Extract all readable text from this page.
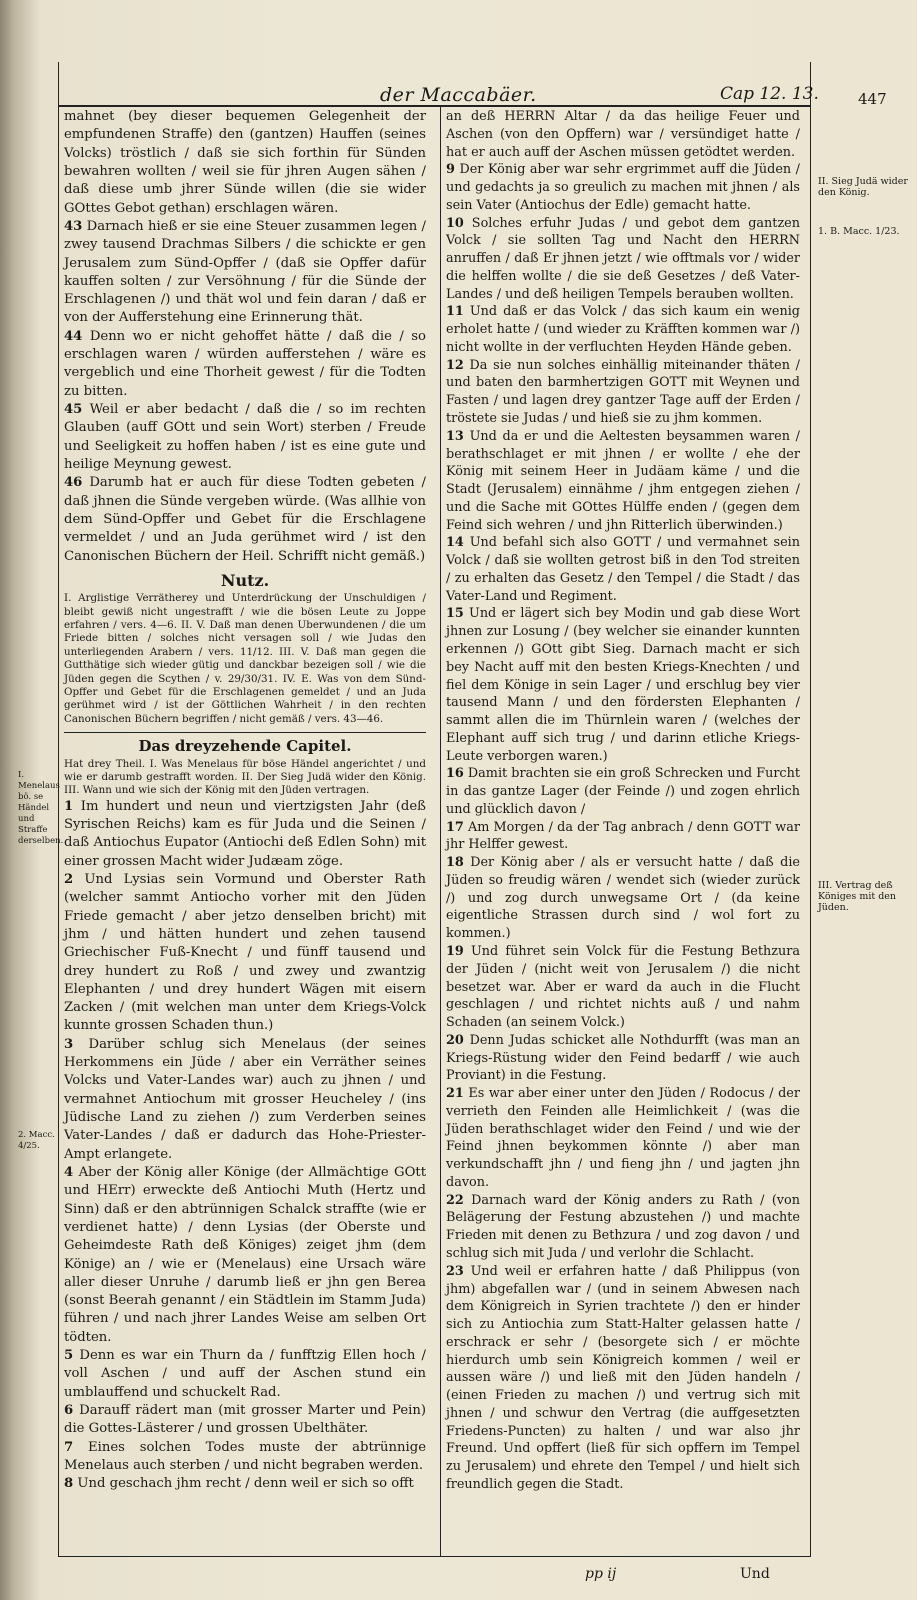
der Maccabäer.	Cap 12. 13.	447

mahnet (bey dieser bequemen Gelegenheit der empfundenen Straffe) den (gantzen) Hauffen (seines Volcks) tröstlich / daß sie sich forthin für Sünden bewahren wollten / weil sie für jhren Augen sähen / daß diese umb jhrer Sünde willen (die sie wider GOttes Gebot gethan) erschlagen wären.

43 Darnach hieß er sie eine Steuer zusammen legen / zwey tausend Drachmas Silbers / die schickte er gen Jerusalem zum Sünd-Opffer / (daß sie Opffer dafür kauffen solten / zur Versöhnung / für die Sünde der Erschlagenen /) und thät wol und fein daran / daß er von der Aufferstehung eine Erinnerung thät.

44 Denn wo er nicht gehoffet hätte / daß die / so erschlagen waren / würden aufferstehen / wäre es vergeblich und eine Thorheit gewest / für die Todten zu bitten.

45 Weil er aber bedacht / daß die / so im rechten Glauben (auff GOtt und sein Wort) sterben / Freude und Seeligkeit zu hoffen haben / ist es eine gute und heilige Meynung gewest.

46 Darumb hat er auch für diese Todten gebeten / daß jhnen die Sünde vergeben würde. (Was allhie von dem Sünd-Opffer und Gebet für die Erschlagene vermeldet / und an Juda gerühmet wird / ist den Canonischen Büchern der Heil. Schrifft nicht gemäß.)

Nutz.
I. Arglistige Verrätherey und Unterdrückung der Unschuldigen / bleibt gewiß nicht ungestrafft / wie die bösen Leute zu Joppe erfahren / vers. 4—6. II. V. Daß man denen Uberwundenen / die um Friede bitten / solches nicht versagen soll / wie Judas den unterliegenden Arabern / vers. 11/12. III. V. Daß man gegen die Gutthätige sich wieder gütig und danckbar bezeigen soll / wie die Jüden gegen die Scythen / v. 29/30/31. IV. E. Was von dem Sünd-Opffer und Gebet für die Erschlagenen gemeldet / und an Juda gerühmet wird / ist der Göttlichen Wahrheit / in den rechten Canonischen Büchern begriffen / nicht gemäß / vers. 43—46.
Das dreyzehende Capitel.
Hat drey Theil. I. Was Menelaus für böse Händel angerichtet / und wie er darumb gestrafft worden. II. Der Sieg Judä wider den König. III. Wann und wie sich der König mit den Jüden vertragen.

1 Im hundert und neun und viertzigsten Jahr (deß Syrischen Reichs) kam es für Juda und die Seinen / daß Antiochus Eupator (Antiochi deß Edlen Sohn) mit einer grossen Macht wider Judæam zöge.

2 Und Lysias sein Vormund und Oberster Rath (welcher sammt Antiocho vorher mit den Jüden Friede gemacht / aber jetzo denselben bricht) mit jhm / und hätten hundert und zehen tausend Griechischer Fuß-Knecht / und fünff tausend und drey hundert zu Roß / und zwey und zwantzig Elephanten / und drey hundert Wägen mit eisern Zacken / (mit welchen man unter dem Kriegs-Volck kunnte grossen Schaden thun.)

3 Darüber schlug sich Menelaus (der seines Herkommens ein Jüde / aber ein Verräther seines Volcks und Vater-Landes war) auch zu jhnen / und vermahnet Antiochum mit grosser Heucheley / (ins Jüdische Land zu ziehen /) zum Verderben seines Vater-Landes / daß er dadurch das Hohe-Priester-Ampt erlangete.

4 Aber der König aller Könige (der Allmächtige GOtt und HErr) erweckte deß Antiochi Muth (Hertz und Sinn) daß er den abtrünnigen Schalck straffte (wie er verdienet hatte) / denn Lysias (der Oberste und Geheimdeste Rath deß Königes) zeiget jhm (dem Könige) an / wie er (Menelaus) eine Ursach wäre aller dieser Unruhe / darumb ließ er jhn gen Berea (sonst Beerah genannt / ein Städtlein im Stamm Juda) führen / und nach jhrer Landes Weise am selben Ort tödten.

5 Denn es war ein Thurn da / funfftzig Ellen hoch / voll Aschen / und auff der Aschen stund ein umblauffend und schuckelt Rad.

6 Darauff rädert man (mit grosser Marter und Pein) die Gottes-Lästerer / und grossen Ubelthäter.

7 Eines solchen Todes muste der abtrünnige Menelaus auch sterben / und nicht begraben werden.

8 Und geschach jhm recht / denn weil er sich so offt

an deß HERRN Altar / da das heilige Feuer und Aschen (von den Opffern) war / versündiget hatte / hat er auch auff der Aschen müssen getödtet werden.

9 Der König aber war sehr ergrimmet auff die Jüden / und gedachts ja so greulich zu machen mit jhnen / als sein Vater (Antiochus der Edle) gemacht hatte.

10 Solches erfuhr Judas / und gebot dem gantzen Volck / sie sollten Tag und Nacht den HERRN anruffen / daß Er jhnen jetzt / wie offtmals vor / wider die helffen wollte / die sie deß Gesetzes / deß Vater-Landes / und deß heiligen Tempels berauben wollten.

11 Und daß er das Volck / das sich kaum ein wenig erholet hatte / (und wieder zu Kräfften kommen war /) nicht wollte in der verfluchten Heyden Hände geben.

12 Da sie nun solches einhällig miteinander thäten / und baten den barmhertzigen GOTT mit Weynen und Fasten / und lagen drey gantzer Tage auff der Erden / tröstete sie Judas / und hieß sie zu jhm kommen.

13 Und da er und die Aeltesten beysammen waren / berathschlaget er mit jhnen / er wollte / ehe der König mit seinem Heer in Judäam käme / und die Stadt (Jerusalem) einnähme / jhm entgegen ziehen / und die Sache mit GOttes Hülffe enden / (gegen dem Feind sich wehren / und jhn Ritterlich überwinden.)

14 Und befahl sich also GOTT / und vermahnet sein Volck / daß sie wollten getrost biß in den Tod streiten / zu erhalten das Gesetz / den Tempel / die Stadt / das Vater-Land und Regiment.

15 Und er lägert sich bey Modin und gab diese Wort jhnen zur Losung / (bey welcher sie einander kunnten erkennen /) GOtt gibt Sieg. Darnach macht er sich bey Nacht auff mit den besten Kriegs-Knechten / und fiel dem Könige in sein Lager / und erschlug bey vier tausend Mann / und den fördersten Elephanten / sammt allen die im Thürnlein waren / (welches der Elephant auff sich trug / und darinn etliche Kriegs-Leute verborgen waren.)

16 Damit brachten sie ein groß Schrecken und Furcht in das gantze Lager (der Feinde /) und zogen ehrlich und glücklich davon /

17 Am Morgen / da der Tag anbrach / denn GOTT war jhr Helffer gewest.

18 Der König aber / als er versucht hatte / daß die Jüden so freudig wären / wendet sich (wieder zurück /) und zog durch unwegsame Ort / (da keine eigentliche Strassen durch sind / wol fort zu kommen.)

19 Und führet sein Volck für die Festung Bethzura der Jüden / (nicht weit von Jerusalem /) die nicht besetzet war. Aber er ward da auch in die Flucht geschlagen / und richtet nichts auß / und nahm Schaden (an seinem Volck.)

20 Denn Judas schicket alle Nothdurfft (was man an Kriegs-Rüstung wider den Feind bedarff / wie auch Proviant) in die Festung.

21 Es war aber einer unter den Jüden / Rodocus / der verrieth den Feinden alle Heimlichkeit / (was die Jüden berathschlaget wider den Feind / und wie der Feind jhnen beykommen könnte /) aber man verkundschafft jhn / und fieng jhn / und jagten jhn davon.

22 Darnach ward der König anders zu Rath / (von Belägerung der Festung abzustehen /) und machte Frieden mit denen zu Bethzura / und zog davon / und schlug sich mit Juda / und verlohr die Schlacht.

23 Und weil er erfahren hatte / daß Philippus (von jhm) abgefallen war / (und in seinem Abwesen nach dem Königreich in Syrien trachtete /) den er hinder sich zu Antiochia zum Statt-Halter gelassen hatte / erschrack er sehr / (besorgete sich / er möchte hierdurch umb sein Königreich kommen / weil er aussen wäre /) und ließ mit den Jüden handeln / (einen Frieden zu machen /) und vertrug sich mit jhnen / und schwur den Vertrag (die auffgesetzten Friedens-Puncten) zu halten / und war also jhr Freund. Und opffert (ließ für sich opffern im Tempel zu Jerusalem) und ehrete den Tempel / und hielt sich freundlich gegen die Stadt.

II. Sieg Judä wider den König.
1. B. Macc. 1/23.
III. Vertrag deß Königes mit den Jüden.
I. Menelaus bö. se Händel und Straffe derselben.
2. Macc. 4/25.
pp ij	Und
